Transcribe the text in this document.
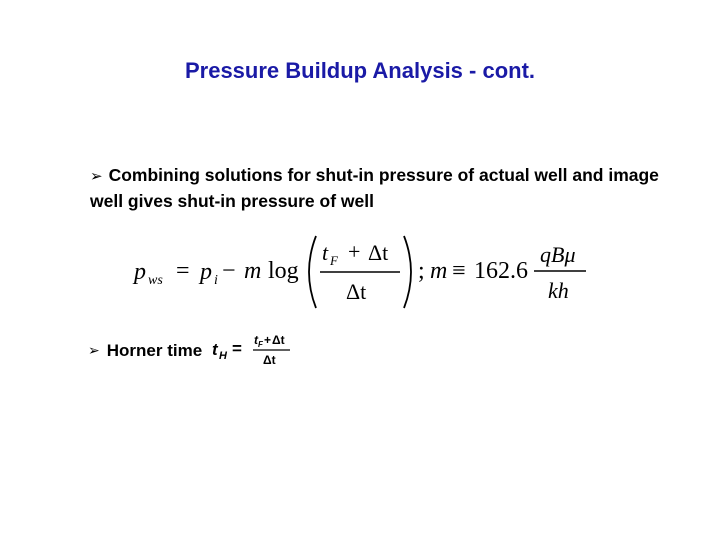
Pressure Buildup Analysis - cont.
➢ Combining solutions for shut-in pressure of actual well and image well gives shut-in pressure of well
p ws = p i − m log
t F + Δt
Δt
; m ≡ 162.6
qBμ
kh
➢ Horner time t H = t F + Δt
Δt
